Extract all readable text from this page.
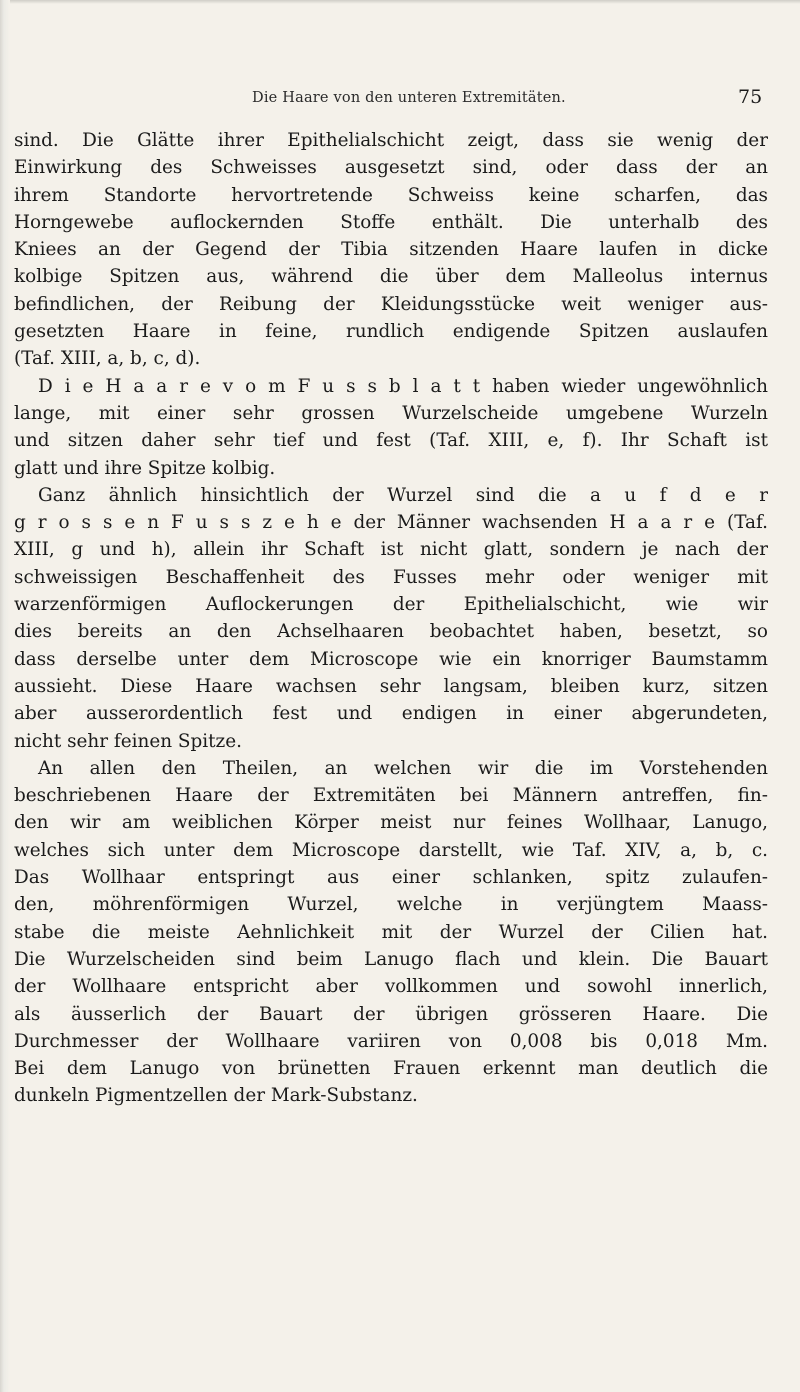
Die Haare von den unteren Extremitäten.	75
sind. Die Glätte ihrer Epithelialschicht zeigt, dass sie wenig der
Einwirkung des Schweisses ausgesetzt sind, oder dass der an
ihrem Standorte hervortretende Schweiss keine scharfen, das
Horngewebe auflockernden Stoffe enthält. Die unterhalb des
Kniees an der Gegend der Tibia sitzenden Haare laufen in dicke
kolbige Spitzen aus, während die über dem Malleolus internus
befindlichen, der Reibung der Kleidungsstücke weit weniger aus-
gesetzten Haare in feine, rundlich endigende Spitzen auslaufen
(Taf. XIII, a, b, c, d).
D i e H a a r e v o m F u s s b l a t t haben wieder ungewöhnlich
lange, mit einer sehr grossen Wurzelscheide umgebene Wurzeln
und sitzen daher sehr tief und fest (Taf. XIII, e, f). Ihr Schaft ist
glatt und ihre Spitze kolbig.
Ganz ähnlich hinsichtlich der Wurzel sind die a u f d e r
g r o s s e n F u s s z e h e der Männer wachsenden H a a r e (Taf.
XIII, g und h), allein ihr Schaft ist nicht glatt, sondern je nach der
schweissigen Beschaffenheit des Fusses mehr oder weniger mit
warzenförmigen Auflockerungen der Epithelialschicht, wie wir
dies bereits an den Achselhaaren beobachtet haben, besetzt, so
dass derselbe unter dem Microscope wie ein knorriger Baumstamm
aussieht. Diese Haare wachsen sehr langsam, bleiben kurz, sitzen
aber ausserordentlich fest und endigen in einer abgerundeten,
nicht sehr feinen Spitze.
An allen den Theilen, an welchen wir die im Vorstehenden
beschriebenen Haare der Extremitäten bei Männern antreffen, fin-
den wir am weiblichen Körper meist nur feines Wollhaar, Lanugo,
welches sich unter dem Microscope darstellt, wie Taf. XIV, a, b, c.
Das Wollhaar entspringt aus einer schlanken, spitz zulaufen-
den, möhrenförmigen Wurzel, welche in verjüngtem Maass-
stabe die meiste Aehnlichkeit mit der Wurzel der Cilien hat.
Die Wurzelscheiden sind beim Lanugo flach und klein. Die Bauart
der Wollhaare entspricht aber vollkommen und sowohl innerlich,
als äusserlich der Bauart der übrigen grösseren Haare. Die
Durchmesser der Wollhaare variiren von 0,008 bis 0,018 Mm.
Bei dem Lanugo von brünetten Frauen erkennt man deutlich die
dunkeln Pigmentzellen der Mark-Substanz.
